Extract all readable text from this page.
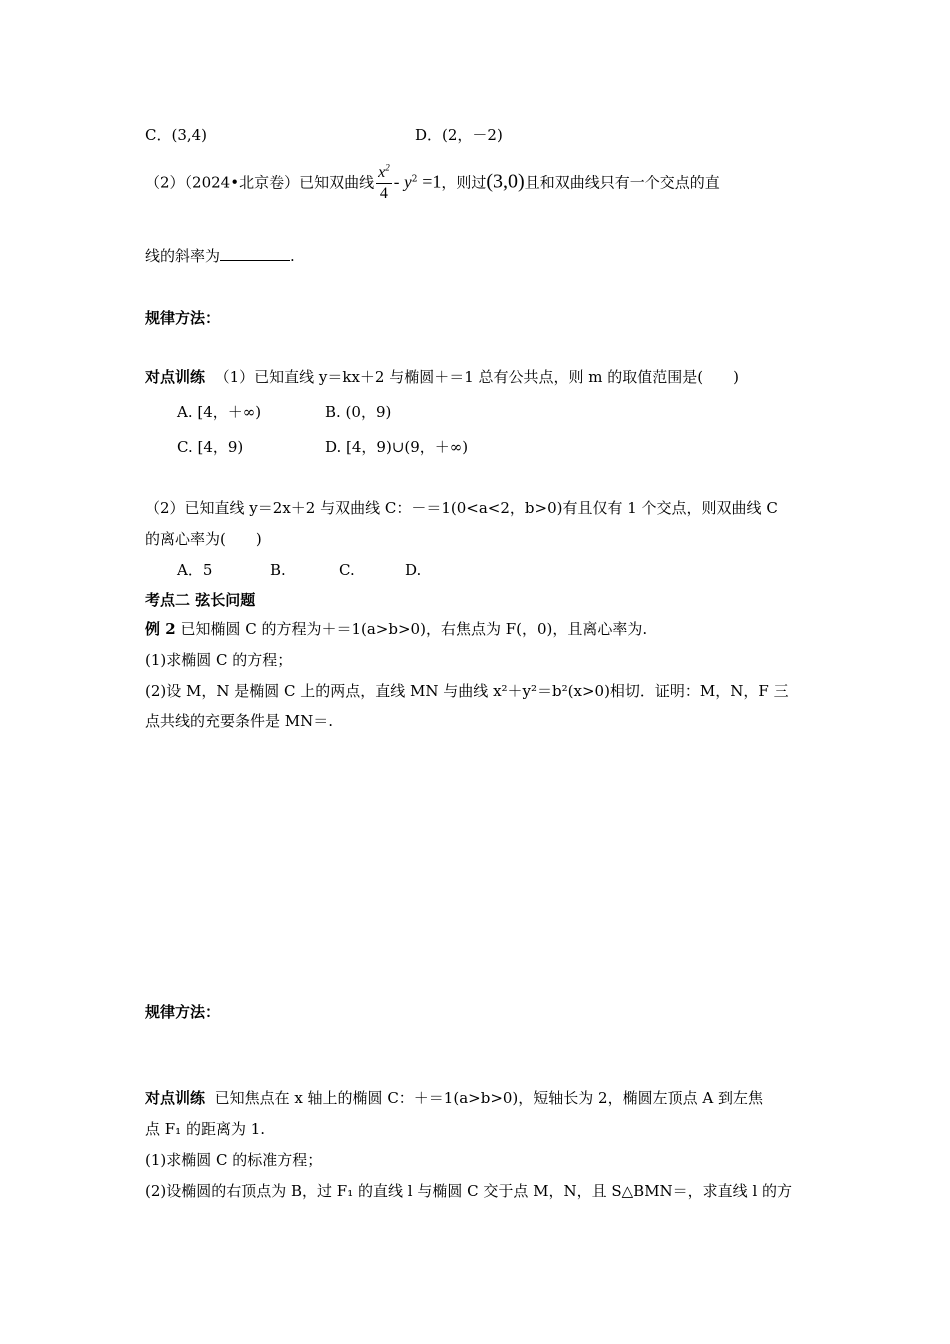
C．(3,4)	D．(2，－2)
（2）（2024•北京卷）已知双曲线 $\frac{x^2}{4} - y^2 =1$，则过(3,0)且和双曲线只有一个交点的直
线的斜率为	.
规律方法：
对点训练 （1）已知直线 y＝kx＋2 与椭圆＋＝1 总有公共点，则 m 的取值范围是(　　)
A. [4，＋∞)	B. (0，9)
C. [4，9)	D. [4，9)∪(9，＋∞)
（2）已知直线 y＝2x＋2 与双曲线 C：－＝1(0<a<2，b>0)有且仅有 1 个交点，则双曲线 C
的离心率为(　　)
A．5	B.	C.	D.
考点二 弦长问题
例 2 已知椭圆 C 的方程为＋＝1(a>b>0)，右焦点为 F(，0)，且离心率为.
(1)求椭圆 C 的方程；
(2)设 M，N 是椭圆 C 上的两点，直线 MN 与曲线 x²＋y²＝b²(x>0)相切．证明：M，N，F 三
点共线的充要条件是 MN＝.
规律方法：
对点训练 已知焦点在 x 轴上的椭圆 C：＋＝1(a>b>0)，短轴长为 2，椭圆左顶点 A 到左焦
点 F₁ 的距离为 1.
(1)求椭圆 C 的标准方程；
(2)设椭圆的右顶点为 B，过 F₁ 的直线 l 与椭圆 C 交于点 M，N，且 S△BMN＝，求直线 l 的方
